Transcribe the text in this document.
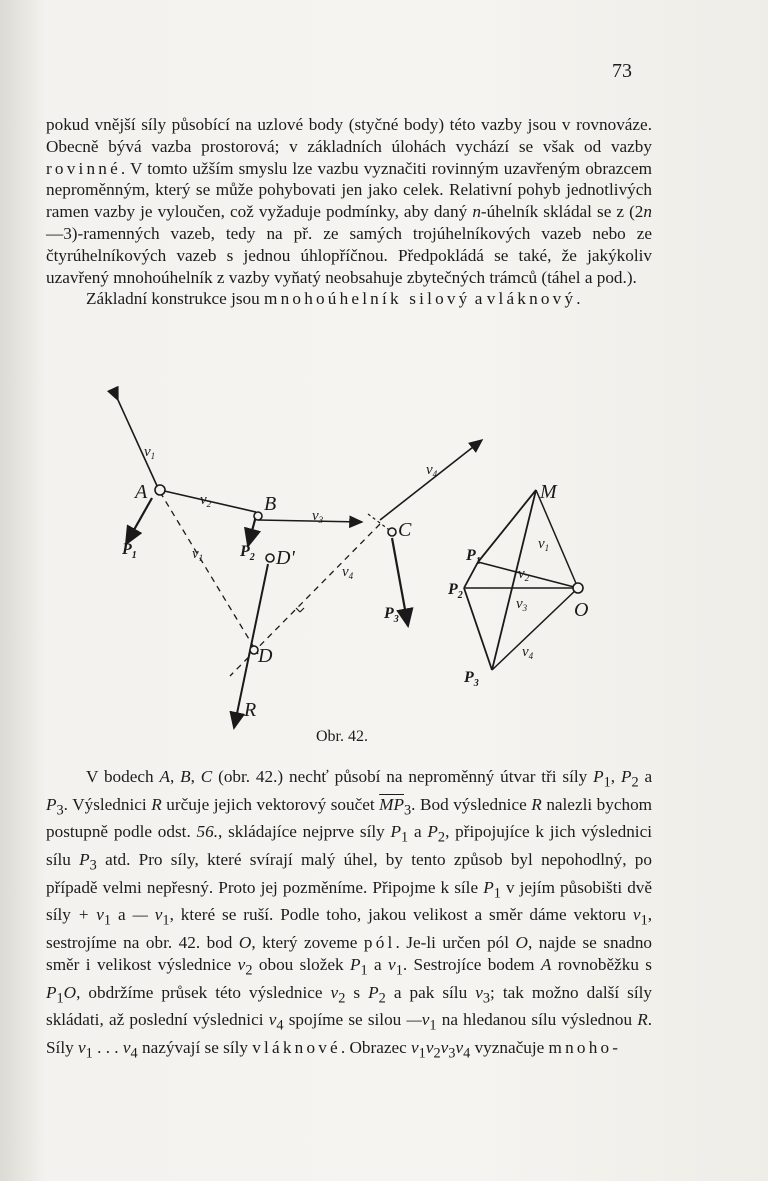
73

pokud vnější síly působící na uzlové body (styčné body) této vazby jsou v rovnováze. Obecně bývá vazba prostorová; v základních úlohách vychází se však od vazby rovinné. V tomto užším smyslu lze vazbu vyznačiti rovinným uzavřeným obrazcem neproměnným, který se může pohybovati jen jako celek. Relativní pohyb jednotlivých ramen vazby je vyloučen, což vyžaduje podmínky, aby daný n-úhelník skládal se z (2n—3)-ramenných vazeb, tedy na př. ze samých trojúhelníkových vazeb nebo ze čtyrúhelníkových vazeb s jednou úhlopříčnou. Předpokládá se také, že jakýkoliv uzavřený mnohoúhelník z vazby vyňatý neobsahuje zbytečných trámců (táhel a pod.).

Základní konstrukce jsou mnohoúhelník silový a vláknový.

A
B
C
D
D'
M
O
R
$P_1$	$P_2$
$P_3$
$P_1$
$P_2$
$P_3$
$v_1$
$v_2$
$v_3$
$v_4$
$v_1$
$v_4$
$v_1$
$v_2$
$v_3$
$v_4$
Obr. 42.

V bodech A, B, C (obr. 42.) nechť působí na neproměnný útvar tři síly $P_1$, $P_2$ a $P_3$. Výslednici R určuje jejich vektorový součet $\overline{MP}_3$. Bod výslednice R nalezli bychom postupně podle odst. 56., skládajíce nejprve síly $P_1$ a $P_2$, připojujíce k jich výslednici sílu $P_3$ atd. Pro síly, které svírají malý úhel, by tento způsob byl nepohodlný, po případě velmi nepřesný. Proto jej pozměníme. Připojme k síle $P_1$ v jejím působišti dvě síly + $v_1$ a — $v_1$, které se ruší. Podle toho, jakou velikost a směr dáme vektoru $v_1$, sestrojíme na obr. 42. bod O, který zoveme pól. Je-li určen pól O, najde se snadno směr i velikost výslednice $v_2$ obou složek $P_1$ a $v_1$. Sestrojíce bodem A rovnoběžku s $P_1O$, obdržíme průsek této výslednice $v_2$ s $P_2$ a pak sílu $v_3$; tak možno další síly skládati, až poslední výslednici $v_4$ spojíme se silou $—v_1$ na hledanou sílu výslednou R. Síly $v_1$ . . . $v_4$ nazývají se síly vláknové. Obrazec $v_1v_2v_3v_4$ vyznačuje mnoho-
